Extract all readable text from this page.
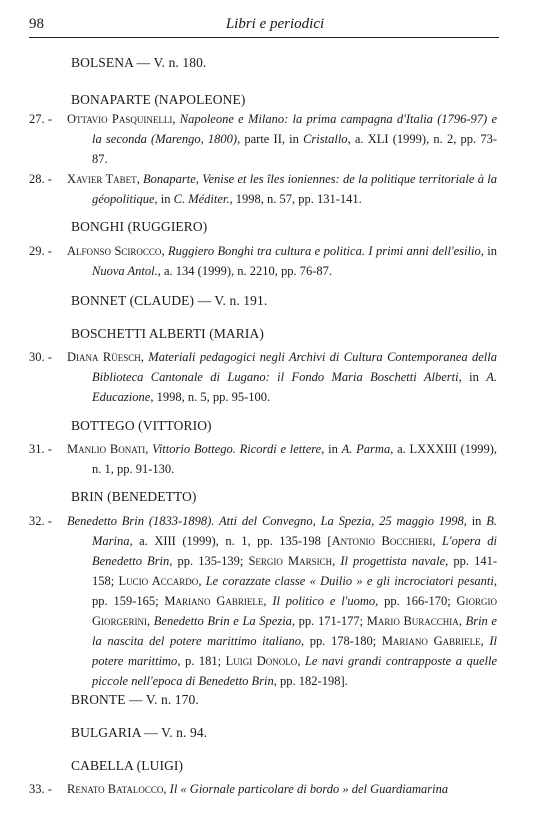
98	Libri e periodici
BOLSENA — V. n. 180.
BONAPARTE (NAPOLEONE)
27. -	Ottavio Pasquinelli, Napoleone e Milano: la prima campagna d'Italia (1796-97) e la seconda (Marengo, 1800), parte II, in Cristallo, a. XLI (1999), n. 2, pp. 73-87.
28. -	Xavier Tabet, Bonaparte, Venise et les îles ioniennes: de la politique territoriale à la géopolitique, in C. Méditer., 1998, n. 57, pp. 131-141.
BONGHI (RUGGIERO)
29. -	Alfonso Scirocco, Ruggiero Bonghi tra cultura e politica. I primi anni dell'esilio, in Nuova Antol., a. 134 (1999), n. 2210, pp. 76-87.
BONNET (CLAUDE) — V. n. 191.
BOSCHETTI ALBERTI (MARIA)
30. -	Diana Rüesch, Materiali pedagogici negli Archivi di Cultura Contemporanea della Biblioteca Cantonale di Lugano: il Fondo Maria Boschetti Alberti, in A. Educazione, 1998, n. 5, pp. 95-100.
BOTTEGO (VITTORIO)
31. -	Manlio Bonati, Vittorio Bottego. Ricordi e lettere, in A. Parma, a. LXXXIII (1999), n. 1, pp. 91-130.
BRIN (BENEDETTO)
32. -	Benedetto Brin (1833-1898). Atti del Convegno, La Spezia, 25 maggio 1998, in B. Marina, a. XIII (1999), n. 1, pp. 135-198 [Antonio Bocchieri, L'opera di Benedetto Brin, pp. 135-139; Sergio Marsich, Il progettista navale, pp. 141-158; Lucio Accardo, Le corazzate classe « Duilio » e gli incrociatori pesanti, pp. 159-165; Mariano Gabriele, Il politico e l'uomo, pp. 166-170; Giorgio Giorgerini, Benedetto Brin e La Spezia, pp. 171-177; Mario Buracchia, Brin e la nascita del potere marittimo italiano, pp. 178-180; Mariano Gabriele, Il potere marittimo, p. 181; Luigi Donolo, Le navi grandi contrapposte a quelle piccole nell'epoca di Benedetto Brin, pp. 182-198].
BRONTE — V. n. 170.
BULGARIA — V. n. 94.
CABELLA (LUIGI)
33. -	Renato Batalocco, Il « Giornale particolare di bordo » del Guardiamarina
